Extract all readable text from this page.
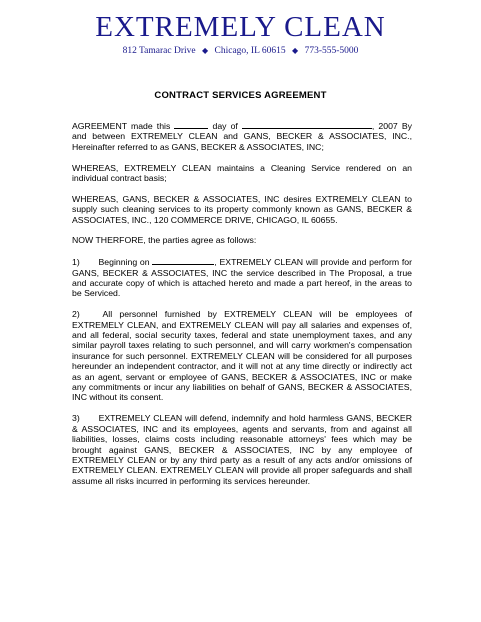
EXTREMELY CLEAN
812 Tamarac Drive ◆ Chicago, IL 60615 ◆ 773-555-5000
CONTRACT SERVICES AGREEMENT

AGREEMENT made this	day of	, 2007 By and between EXTREMELY CLEAN and GANS, BECKER & ASSOCIATES, INC., Hereinafter referred to as GANS, BECKER & ASSOCIATES, INC;

WHEREAS, EXTREMELY CLEAN maintains a Cleaning Service rendered on an individual contract basis;

WHEREAS, GANS, BECKER & ASSOCIATES, INC desires EXTREMELY CLEAN to supply such cleaning services to its property commonly known as GANS, BECKER & ASSOCIATES, INC., 120 COMMERCE DRIVE, CHICAGO, IL 60655.

NOW THERFORE, the parties agree as follows:

1) Beginning on	, EXTREMELY CLEAN will provide and perform for GANS, BECKER & ASSOCIATES, INC the service described in The Proposal, a true and accurate copy of which is attached hereto and made a part hereof, in the areas to be Serviced.

2)	All personnel furnished by EXTREMELY CLEAN will be employees of EXTREMELY CLEAN, and EXTREMELY CLEAN will pay all salaries and expenses of, and all federal, social security taxes, federal and state unemployment taxes, and any similar payroll taxes relating to such personnel, and will carry workmen's compensation insurance for such personnel. EXTREMELY CLEAN will be considered for all purposes hereunder an independent contractor, and it will not at any time directly or indirectly act as an agent, servant or employee of GANS, BECKER & ASSOCIATES, INC or make any commitments or incur any liabilities on behalf of GANS, BECKER & ASSOCIATES, INC without its consent.

3) EXTREMELY CLEAN will defend, indemnify and hold harmless GANS, BECKER & ASSOCIATES, INC and its employees, agents and servants, from and against all liabilities, losses, claims costs including reasonable attorneys' fees which may be brought against GANS, BECKER & ASSOCIATES, INC by any employee of EXTREMELY CLEAN or by any third party as a result of any acts and/or omissions of EXTREMELY CLEAN. EXTREMELY CLEAN will provide all proper safeguards and shall assume all risks incurred in performing its services hereunder.
